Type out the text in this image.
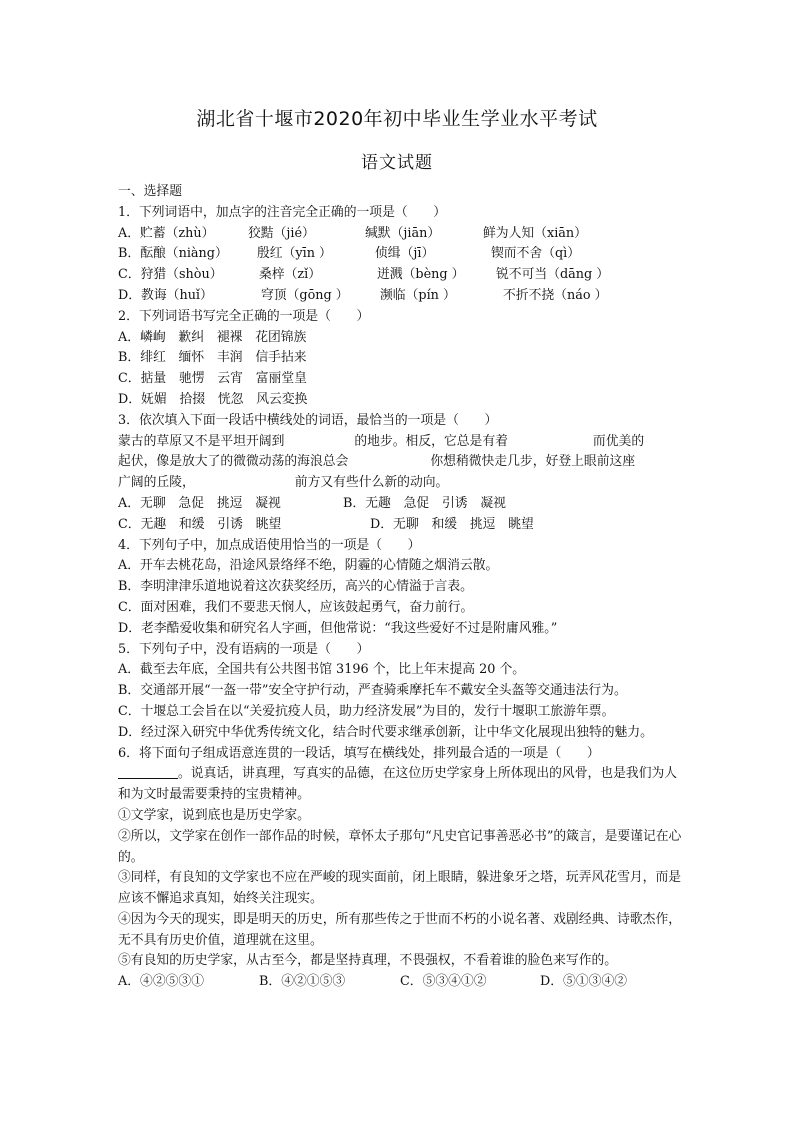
湖北省十堰市2020年初中毕业生学业水平考试
语文试题
一、选择题
1．下列词语中，加点字的注音完全正确的一项是（　　）
A．贮蓄（zhù）	狡黠（jié）	缄默（jiān）	鲜为人知（xiān）
B．酝酿（niàng）	殷红（yīn ）	侦缉（jī）	锲而不舍（qì）
C．狩猎（shòu）	桑梓（zǐ）	迸溅（bèng ）	锐不可当（dāng ）
D．教诲（huǐ）	穹顶（gōng ）	濒临（pín ）	不折不挠（náo ）
2．下列词语书写完全正确的一项是（　　）
A．嶙峋　歉纠　褪裸　花团锦族
B．绯红　缅怀　丰润　信手拈来
C．掂量　驰愣　云宵　富丽堂皇
D．妩媚　拾掇　恍忽　风云変换
3．依次填入下面一段话中横线处的词语，最恰当的一项是（　　）
蒙古的草原又不是平坦开阔到	的地步。相反，它总是有着	而优美的
起伏，像是放大了的微微动荡的海浪总会	你想稍微快走几步，好登上眼前这座
广阔的丘陵，	前方又有些什么新的动向。
A．无聊　急促　挑逗　凝视	B．无趣　急促　引诱　凝视
C．无趣　和缓　引诱　眺望	D．无聊　和缓　挑逗　眺望
4．下列句子中，加点成语使用恰当的一项是（　　）
A．开车去桃花岛，沿途风景络绎不绝，阴霾的心情随之烟消云散。
B．李明津津乐道地说着这次获奖经历，高兴的心情溢于言表。
C．面对困难，我们不要悲天悯人，应该鼓起勇气，奋力前行。
D．老李酷爱收集和研究名人字画，但他常说：“我这些爱好不过是附庸风雅。”
5．下列句子中，没有语病的一项是（　　）
A．截至去年底，全国共有公共图书馆 3196 个，比上年末提高 20 个。
B．交通部开展“一盔一带”安全守护行动，严查骑乘摩托车不戴安全头盔等交通违法行为。
C．十堰总工会旨在以“关爱抗疫人员，助力经济发展”为目的，发行十堰职工旅游年票。
D．经过深入研究中华优秀传统文化，结合时代要求继承创新，让中华文化展现出独特的魅力。
6．将下面句子组成语意连贯的一段话，填写在横线处，排列最合适的一项是（　　）
。说真话，讲真理，写真实的品德，在这位历史学家身上所体现出的风骨，也是我们为人和为文时最需要秉持的宝贵精神。
①文学家，说到底也是历史学家。
②所以，文学家在创作一部作品的时候，章怀太子那句“凡史官记事善恶必书”的箴言，是要谨记在心的。
③同样，有良知的文学家也不应在严峻的现实面前，闭上眼睛，躲进象牙之塔，玩弄风花雪月，而是应该不懈追求真知，始终关注现实。
④因为今天的现实，即是明天的历史，所有那些传之于世而不朽的小说名著、戏剧经典、诗歌杰作，无不具有历史价值，道理就在这里。
⑤有良知的历史学家，从古至今，都是坚持真理，不畏强权，不看着谁的脸色来写作的。
A．④②⑤③①	B．④②①⑤③	C．⑤③④①②	D．⑤①③④②
